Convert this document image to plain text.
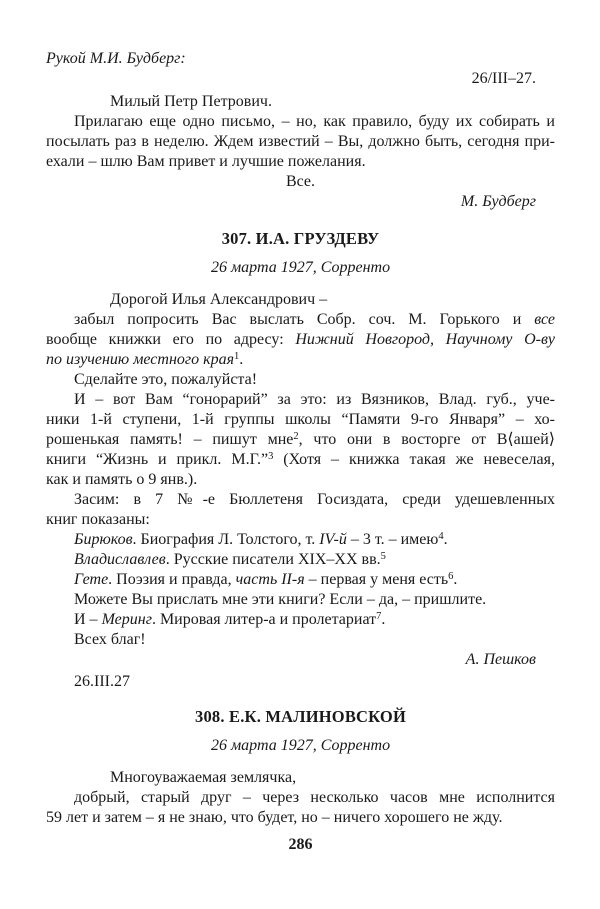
Рукой М.И. Будберг:
26/III–27.
Милый Петр Петрович.
Прилагаю еще одно письмо, – но, как правило, буду их собирать и
посылать раз в неделю. Ждем известий – Вы, должно быть, сегодня при-
ехали – шлю Вам привет и лучшие пожелания.
Все.
М. Будберг
307. И.А. ГРУЗДЕВУ
26 марта 1927, Сорренто
Дорогой Илья Александрович –
забыл попросить Вас выслать Собр. соч. М. Горького и все
вообще книжки его по адресу: Нижний Новгород, Научному О-ву
по изучению местного края$^1$.
Сделайте это, пожалуйста!
И – вот Вам “гонорарий” за это: из Вязников, Влад. губ., уче-
ники 1-й ступени, 1-й группы школы “Памяти 9-го Января” – хо-
рошенькая память! – пишут мне$^2$, что они в восторге от В⟨ашей⟩
книги “Жизнь и прикл. М.Г.”$^3$ (Хотя – книжка такая же невеселая,
как и память о 9 янв.).
Засим: в 7 №-е Бюллетеня Госиздата, среди удешевленных
книг показаны:
Бирюков. Биография Л. Толстого, т. IV-й – 3 т. – имею$^4$.
Владиславлев. Русские писатели XIX–XX вв.$^5$
Гете. Поэзия и правда, часть II-я – первая у меня есть$^6$.
Можете Вы прислать мне эти книги? Если – да, – пришлите.
И – Меринг. Мировая литер-а и пролетариат$^7$.
Всех благ!
А. Пешков
26.III.27
308. Е.К. МАЛИНОВСКОЙ
26 марта 1927, Сорренто
Многоуважаемая землячка,
добрый, старый друг – через несколько часов мне исполнится
59 лет и затем – я не знаю, что будет, но – ничего хорошего не жду.
286
